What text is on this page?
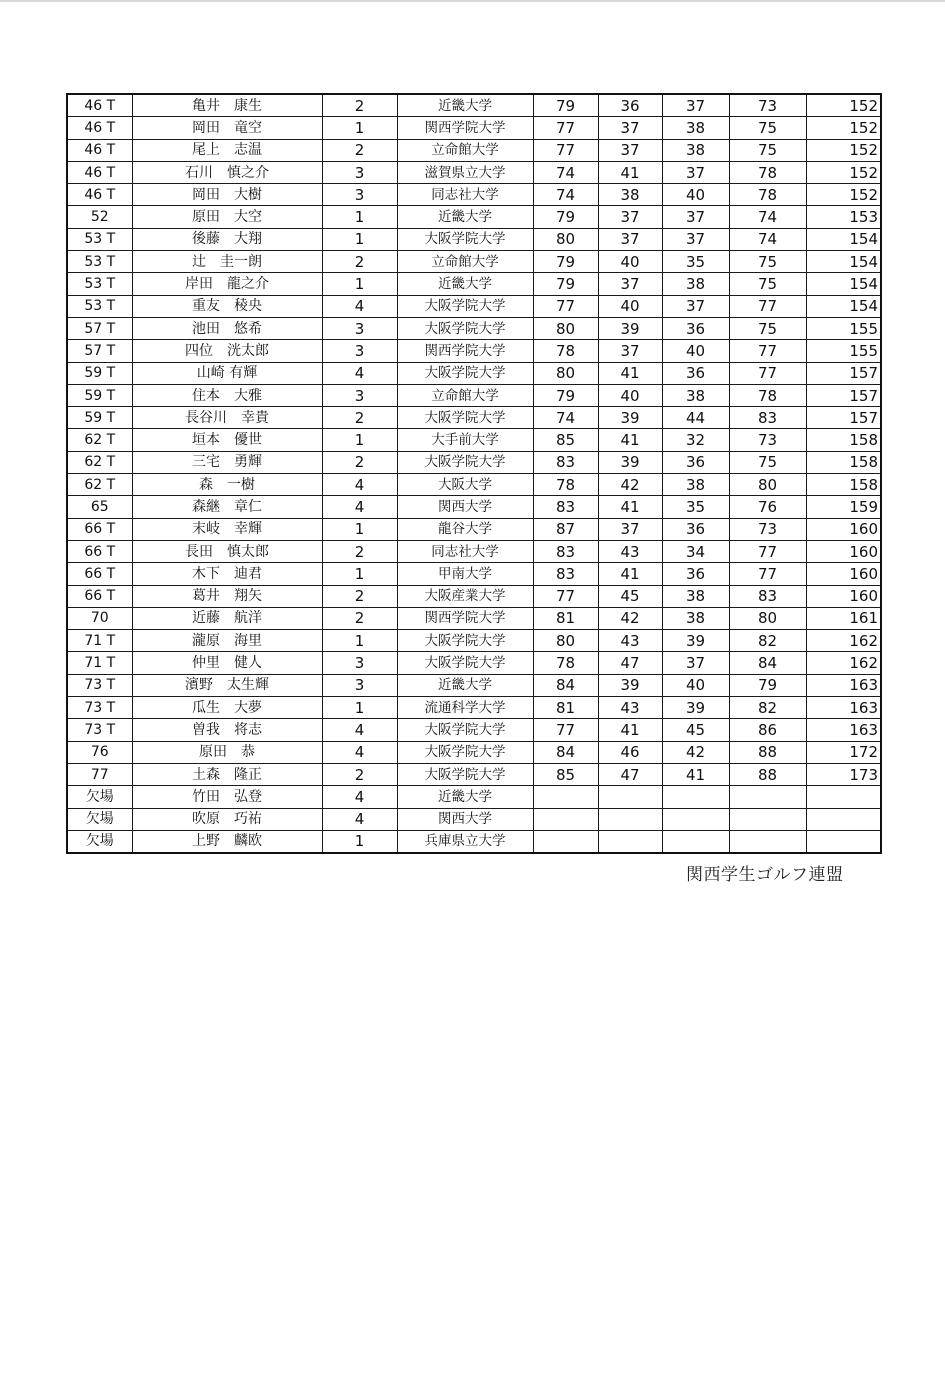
46 T	亀井　康生	2	近畿大学	79	36	37	73	152
46 T	岡田　竜空	1	関西学院大学	77	37	38	75	152
46 T	尾上　志温	2	立命館大学	77	37	38	75	152
46 T	石川　慎之介	3	滋賀県立大学	74	41	37	78	152
46 T	岡田　大樹	3	同志社大学	74	38	40	78	152
52	原田　大空	1	近畿大学	79	37	37	74	153
53 T	後藤　大翔	1	大阪学院大学	80	37	37	74	154
53 T	辻　圭一朗	2	立命館大学	79	40	35	75	154
53 T	岸田　龍之介	1	近畿大学	79	37	38	75	154
53 T	重友　稜央	4	大阪学院大学	77	40	37	77	154
57 T	池田　悠希	3	大阪学院大学	80	39	36	75	155
57 T	四位　洸太郎	3	関西学院大学	78	37	40	77	155
59 T	山崎 有輝	4	大阪学院大学	80	41	36	77	157
59 T	住本　大雅	3	立命館大学	79	40	38	78	157
59 T	長谷川　幸貴	2	大阪学院大学	74	39	44	83	157
62 T	垣本　優世	1	大手前大学	85	41	32	73	158
62 T	三宅　勇輝	2	大阪学院大学	83	39	36	75	158
62 T	森　一樹	4	大阪大学	78	42	38	80	158
65	森継　章仁	4	関西大学	83	41	35	76	159
66 T	末岐　幸輝	1	龍谷大学	87	37	36	73	160
66 T	長田　慎太郎	2	同志社大学	83	43	34	77	160
66 T	木下　迪君	1	甲南大学	83	41	36	77	160
66 T	葛井　翔矢	2	大阪産業大学	77	45	38	83	160
70	近藤　航洋	2	関西学院大学	81	42	38	80	161
71 T	瀧原　海里	1	大阪学院大学	80	43	39	82	162
71 T	仲里　健人	3	大阪学院大学	78	47	37	84	162
73 T	濱野　太生輝	3	近畿大学	84	39	40	79	163
73 T	瓜生　大夢	1	流通科学大学	81	43	39	82	163
73 T	曽我　将志	4	大阪学院大学	77	41	45	86	163
76	原田　恭	4	大阪学院大学	84	46	42	88	172
77	土森　隆正	2	大阪学院大学	85	47	41	88	173
欠場	竹田　弘登	4	近畿大学					
欠場	吹原　巧祐	4	関西大学					
欠場	上野　麟欧	1	兵庫県立大学					
関西学生ゴルフ連盟
